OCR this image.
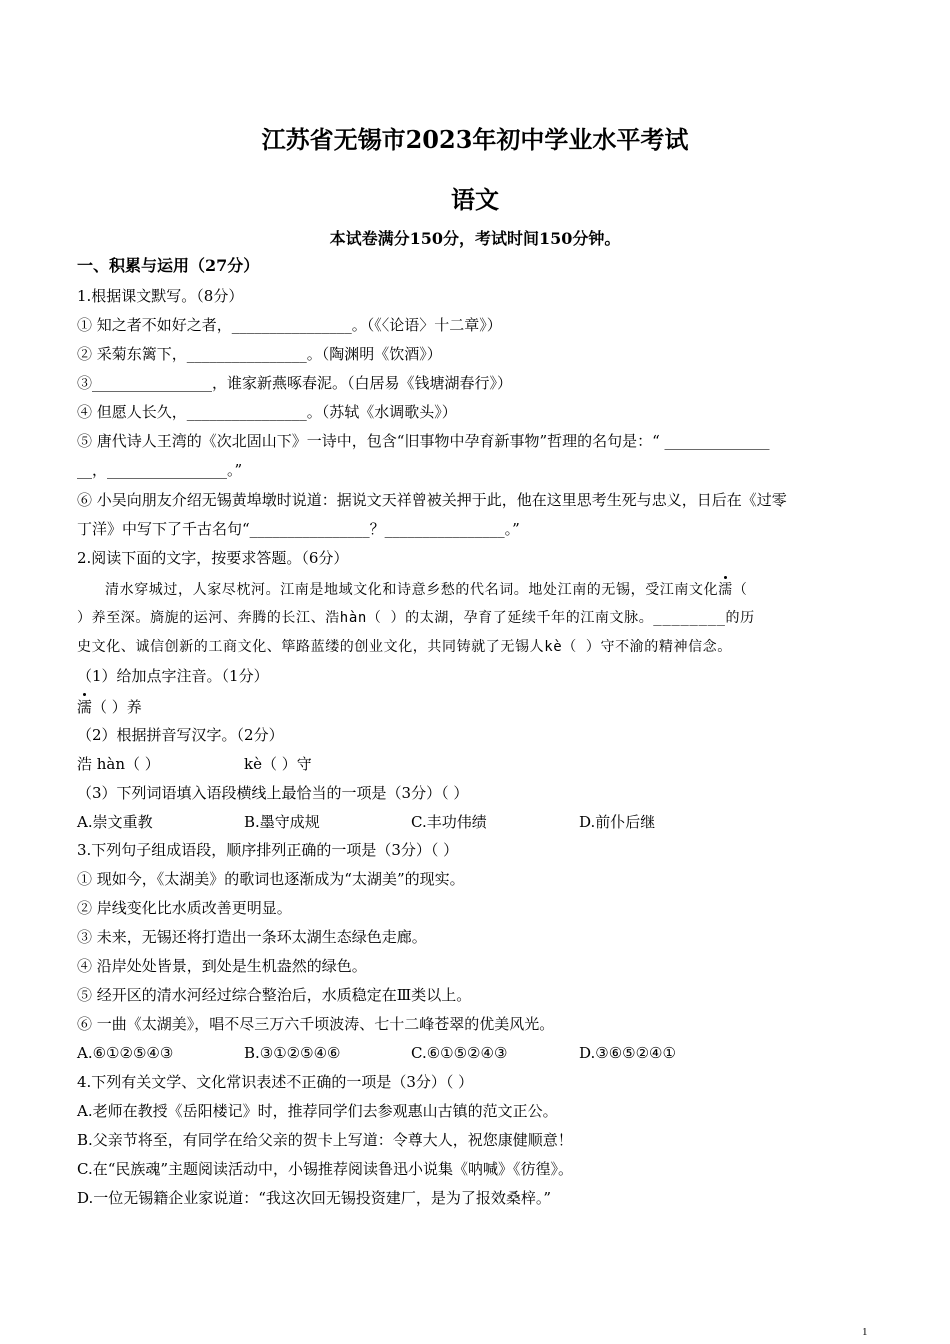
江苏省无锡市2023年初中学业水平考试
语文
本试卷满分150分，考试时间150分钟。
一、积累与运用（27分）
1.根据课文默写。（8分）
① 知之者不如好之者，________________。（《〈论语〉十二章》）
② 采菊东篱下，________________。（陶渊明《饮酒》）
③________________，谁家新燕啄春泥。（白居易《钱塘湖春行》）
④ 但愿人长久，________________。（苏轼《水调歌头》）
⑤ 唐代诗人王湾的《次北固山下》一诗中，包含“旧事物中孕育新事物”哲理的名句是：“ ______________
__，________________。”
⑥ 小吴向朋友介绍无锡黄埠墩时说道：据说文天祥曾被关押于此，他在这里思考生死与忠义，日后在《过零
丁洋》中写下了千古名句“________________？________________。”
2.阅读下面的文字，按要求答题。（6分）
清水穿城过，人家尽枕河。江南是地域文化和诗意乡愁的代名词。地处江南的无锡，受江南文化濡（
）养至深。旖旎的运河、奔腾的长江、浩hàn（ ）的太湖，孕育了延续千年的江南文脉。________的历
史文化、诚信创新的工商文化、筚路蓝缕的创业文化，共同铸就了无锡人kè（ ）守不渝的精神信念。
（1）给加点字注音。（1分）
濡（ ）养
（2）根据拼音写汉字。（2分）
浩 hàn（ ）	kè（ ）守
（3）下列词语填入语段横线上最恰当的一项是（3分）（ ）
A.崇文重教	B.墨守成规	C.丰功伟绩	D.前仆后继
3.下列句子组成语段，顺序排列正确的一项是（3分）（ ）
① 现如今，《太湖美》的歌词也逐渐成为“太湖美”的现实。
② 岸线变化比水质改善更明显。
③ 未来，无锡还将打造出一条环太湖生态绿色走廊。
④ 沿岸处处皆景，到处是生机盎然的绿色。
⑤ 经开区的清水河经过综合整治后，水质稳定在Ⅲ类以上。
⑥ 一曲《太湖美》，唱不尽三万六千顷波涛、七十二峰苍翠的优美风光。
A.⑥①②⑤④③	B.③①②⑤④⑥	C.⑥①⑤②④③	D.③⑥⑤②④①
4.下列有关文学、文化常识表述不正确的一项是（3分）（ ）
A.老师在教授《岳阳楼记》时，推荐同学们去参观惠山古镇的范文正公。
B.父亲节将至，有同学在给父亲的贺卡上写道：令尊大人，祝您康健顺意！
C.在“民族魂”主题阅读活动中，小锡推荐阅读鲁迅小说集《呐喊》《彷徨》。
D.一位无锡籍企业家说道：“我这次回无锡投资建厂，是为了报效桑梓。”
1
